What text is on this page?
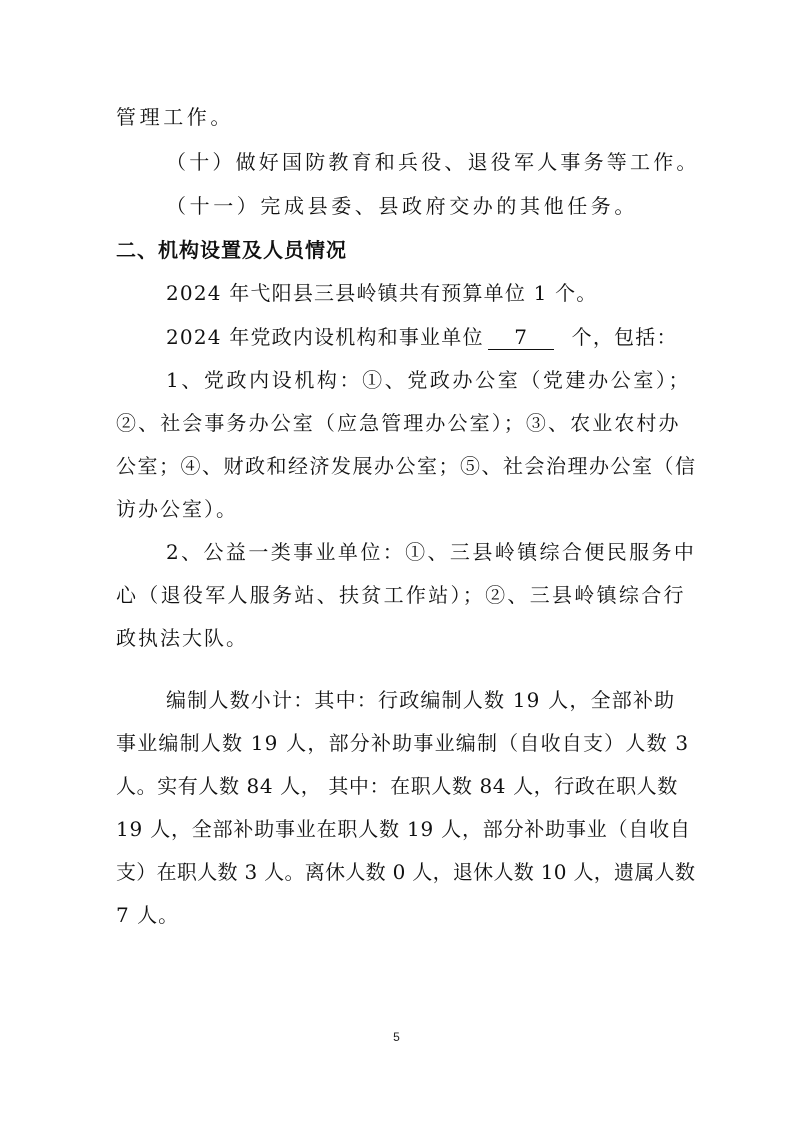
管理工作。
（十）做好国防教育和兵役、退役军人事务等工作。
（十一）完成县委、县政府交办的其他任务。
二、机构设置及人员情况
2024 年弋阳县三县岭镇共有预算单位 1 个。
2024 年党政内设机构和事业单位 7 个，包括：
1、党政内设机构：①、党政办公室（党建办公室）；
②、社会事务办公室（应急管理办公室）；③、农业农村办
公室；④、财政和经济发展办公室；⑤、社会治理办公室（信
访办公室）。
2、公益一类事业单位：①、三县岭镇综合便民服务中
心（退役军人服务站、扶贫工作站）；②、三县岭镇综合行
政执法大队。
编制人数小计：其中：行政编制人数 19 人，全部补助
事业编制人数 19 人，部分补助事业编制（自收自支）人数 3
人。实有人数 84 人， 其中：在职人数 84 人，行政在职人数
19 人，全部补助事业在职人数 19 人，部分补助事业（自收自
支）在职人数 3 人。离休人数 0 人，退休人数 10 人，遗属人数
7 人。
5
